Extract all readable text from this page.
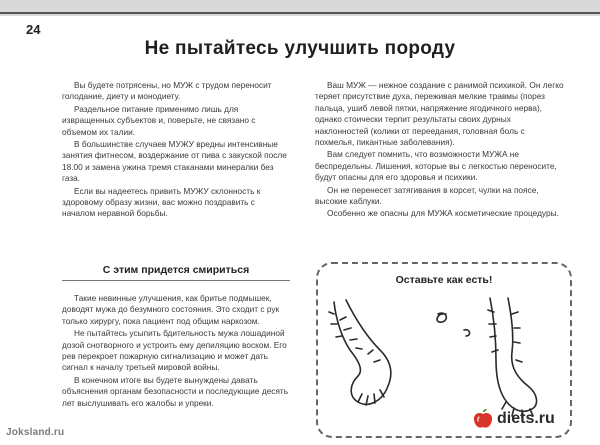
24
Не пытайтесь улучшить породу

Вы будете потрясены, но МУЖ с трудом переносит голодание, диету и монодиету.

Раздельное питание применимо лишь для извращенных субъектов и, поверьте, не связано с объемом их талии.

В большинстве случаев МУЖУ вредны интенсивные занятия фитнесом, воздержание от пива с закуской после 18.00 и замена ужина тремя стаканами минералки без газа.

Если вы надеетесь привить МУЖУ склонность к здоровому образу жизни, вас можно поздравить с началом неравной борьбы.

С этим придется смириться

Такие невинные улучшения, как бритье подмышек, доводят мужа до безумного состояния. Это сходит с рук только хирургу, пока пациент под общим наркозом.

Не пытайтесь усыпить бдительность мужа лошадиной дозой снотворного и устроить ему депиляцию воском. Его рев перекроет пожарную сигнализацию и может дать сигнал к началу третьей мировой войны.

В конечном итоге вы будете вынуждены давать объяснения органам безопасности и последующие десять лет выслушивать его жалобы и упреки.

Ваш МУЖ — нежное создание с ранимой психикой. Он легко теряет присутствие духа, переживая мелкие травмы (порез пальца, ушиб левой пятки, напряжение ягодичного нерва), однако стоически терпит результаты своих дурных наклонностей (колики от переедания, головная боль с похмелья, пикантные заболевания).

Вам следует помнить, что возможности МУЖА не беспредельны. Лишения, которые вы с легкостью переносите, будут опасны для его здоровья и психики.

Он не перенесет затягивания в корсет, чулки на поясе, высокие каблуки.

Особенно же опасны для МУЖА косметические процедуры.

Оставьте как есть!
Joksland.ru
diets.ru
